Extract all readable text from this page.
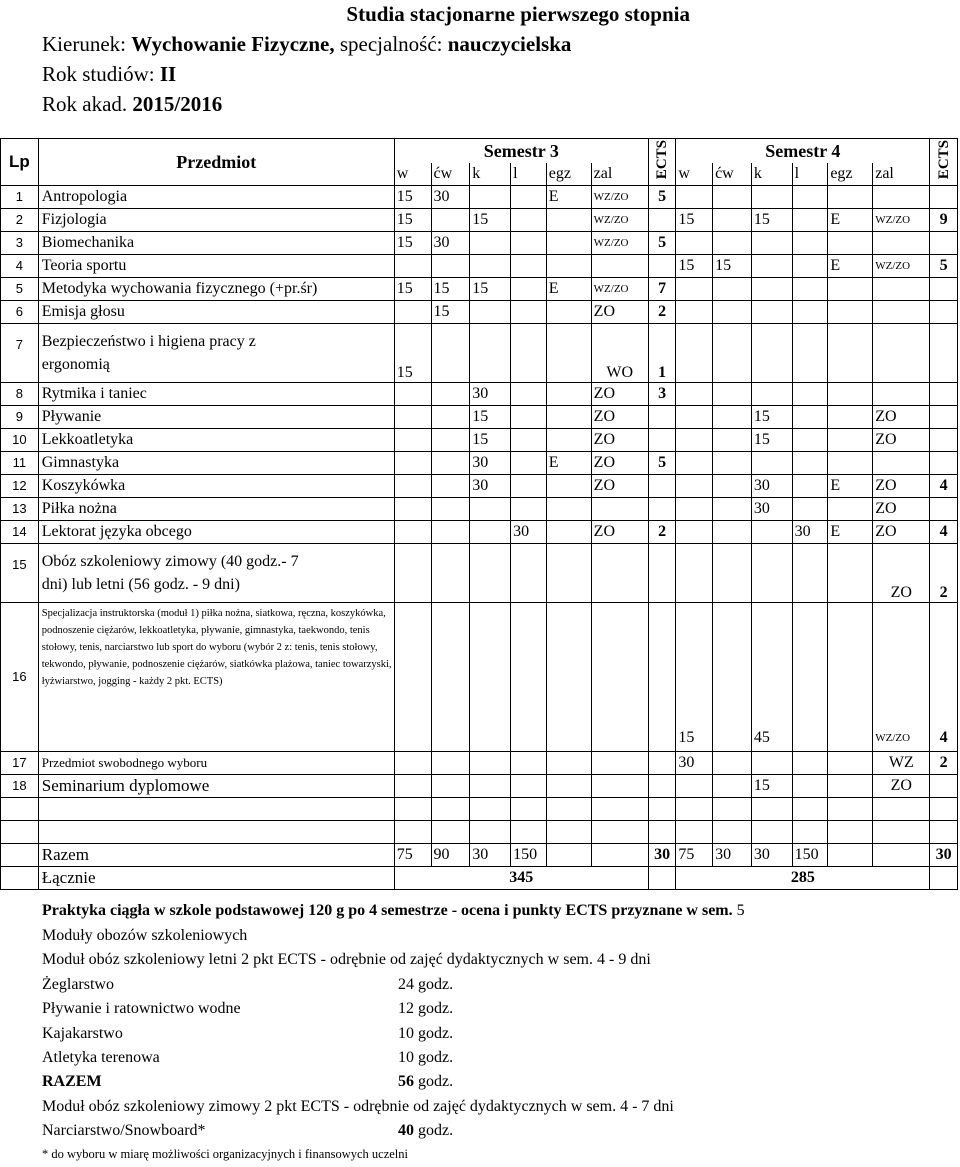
Studia stacjonarne pierwszego stopnia
Kierunek: Wychowanie Fizyczne, specjalność: nauczycielska
Rok studiów: II
Rok akad. 2015/2016
Lp	Przedmiot	Semestr 3						ECTS	Semestr 4						ECTS
		w	ćw	k	l	egz	zal		w	ćw	k	l	egz	zal	
1	Antropologia	15	30			E	WZ/ZO	5							
2	Fizjologia	15		15			WZ/ZO		15		15		E	WZ/ZO	9
3	Biomechanika	15	30				WZ/ZO	5							
4	Teoria sportu								15	15			E	WZ/ZO	5
5	Metodyka wychowania fizycznego (+pr.śr)	15	15	15		E	WZ/ZO	7							
6	Emisja głosu		15				ZO	2							
7	Bezpieczeństwo i higiena pracy z
ergonomią	15					WO	1							
8	Rytmika i taniec			30			ZO	3							
9	Pływanie			15			ZO				15			ZO	
10	Lekkoatletyka			15			ZO				15			ZO	
11	Gimnastyka			30		E	ZO	5							
12	Koszykówka			30			ZO				30		E	ZO	4
13	Piłka nożna										30			ZO	
14	Lektorat języka obcego				30		ZO	2				30	E	ZO	4
15	Obóz szkoleniowy zimowy (40 godz.- 7
dni) lub letni (56 godz. - 9 dni)													ZO	2
16	Specjalizacja instruktorska (moduł 1) piłka nożna, siatkowa, ręczna, koszykówka, podnoszenie ciężarów, lekkoatletyka, pływanie, gimnastyka, taekwondo, tenis stołowy, tenis, narciarstwo lub sport do wyboru (wybór 2 z: tenis, tenis stołowy, tekwondo, pływanie, podnoszenie ciężarów, siatkówka plażowa, taniec towarzyski, łyżwiarstwo, jogging - każdy 2 pkt. ECTS)								15		45			WZ/ZO	4
17	Przedmiot swobodnego wyboru								30					WZ	2
18	Seminarium dyplomowe										15			ZO	

	Razem	75	90	30	150			30	75	30	30	150			30
	Łącznie	345							285						
Praktyka ciągła w szkole podstawowej 120 g po 4 semestrze - ocena i punkty ECTS przyznane w sem. 5
Moduły obozów szkoleniowych
Moduł obóz szkoleniowy letni 2 pkt ECTS - odrębnie od zajęć dydaktycznych w sem. 4 - 9 dni
Żeglarstwo	24 godz.
Pływanie i ratownictwo wodne	12 godz.
Kajakarstwo	10 godz.
Atletyka terenowa	10 godz.
RAZEM	56 godz.
Moduł obóz szkoleniowy zimowy 2 pkt ECTS - odrębnie od zajęć dydaktycznych w sem. 4 - 7 dni
Narciarstwo/Snowboard*	40 godz.
* do wyboru w miarę możliwości organizacyjnych i finansowych uczelni
